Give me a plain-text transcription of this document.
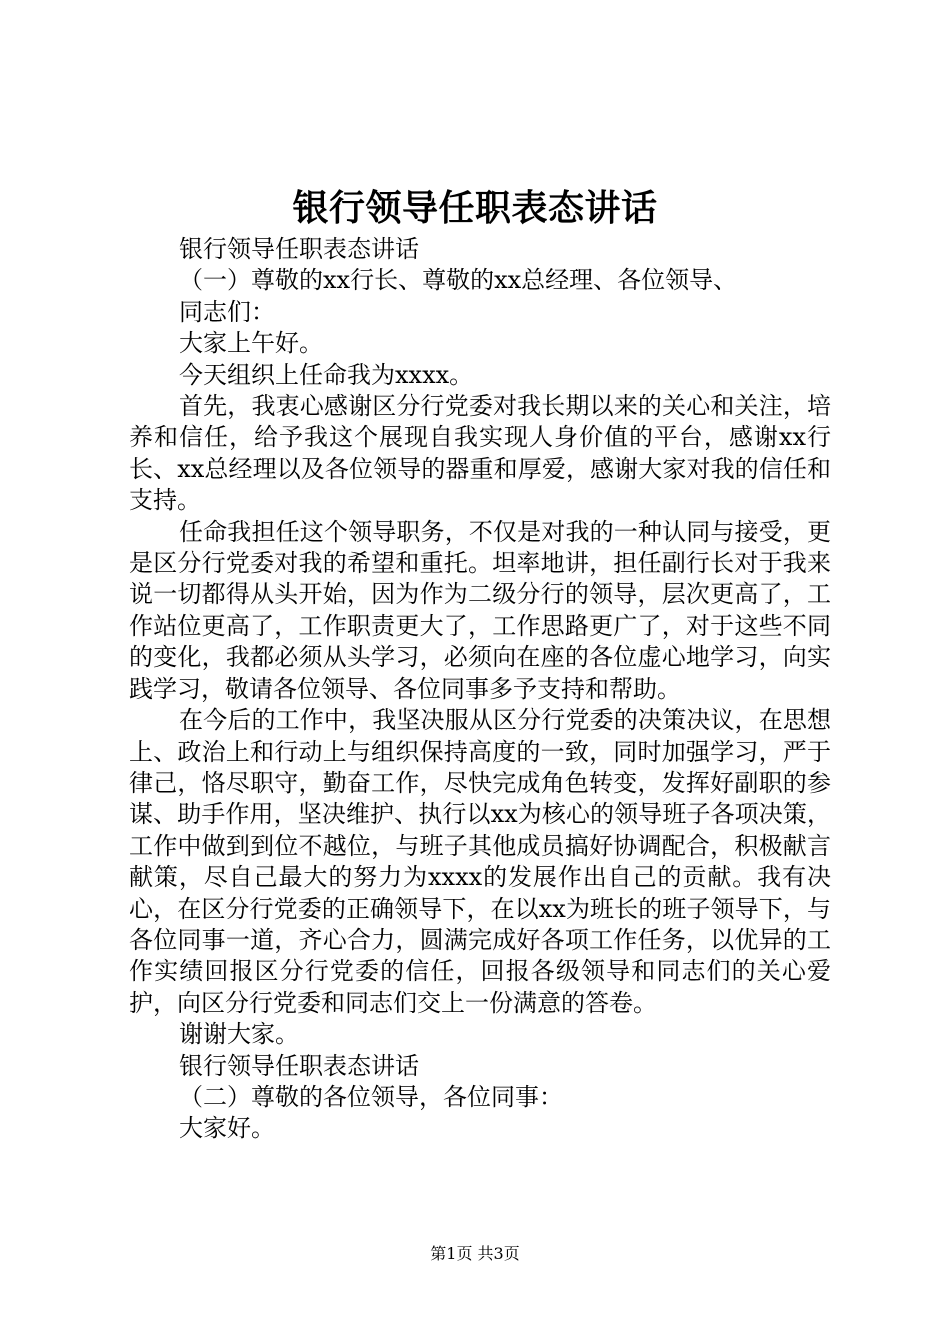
银行领导任职表态讲话

银行领导任职表态讲话

（一）尊敬的xx行长、尊敬的xx总经理、各位领导、

同志们：

大家上午好。

今天组织上任命我为xxxx。

首先，我衷心感谢区分行党委对我长期以来的关心和关注，培养和信任，给予我这个展现自我实现人身价值的平台，感谢xx行长、xx总经理以及各位领导的器重和厚爱，感谢大家对我的信任和支持。

任命我担任这个领导职务，不仅是对我的一种认同与接受，更是区分行党委对我的希望和重托。坦率地讲，担任副行长对于我来说一切都得从头开始，因为作为二级分行的领导，层次更高了，工作站位更高了，工作职责更大了，工作思路更广了，对于这些不同的变化，我都必须从头学习，必须向在座的各位虚心地学习，向实践学习，敬请各位领导、各位同事多予支持和帮助。

在今后的工作中，我坚决服从区分行党委的决策决议，在思想上、政治上和行动上与组织保持高度的一致，同时加强学习，严于律己，恪尽职守，勤奋工作，尽快完成角色转变，发挥好副职的参谋、助手作用，坚决维护、执行以xx为核心的领导班子各项决策，工作中做到到位不越位，与班子其他成员搞好协调配合，积极献言献策，尽自己最大的努力为xxxx的发展作出自己的贡献。我有决心，在区分行党委的正确领导下，在以xx为班长的班子领导下，与各位同事一道，齐心合力，圆满完成好各项工作任务，以优异的工作实绩回报区分行党委的信任，回报各级领导和同志们的关心爱护，向区分行党委和同志们交上一份满意的答卷。

谢谢大家。

银行领导任职表态讲话

（二）尊敬的各位领导，各位同事：

大家好。

第1页 共3页
